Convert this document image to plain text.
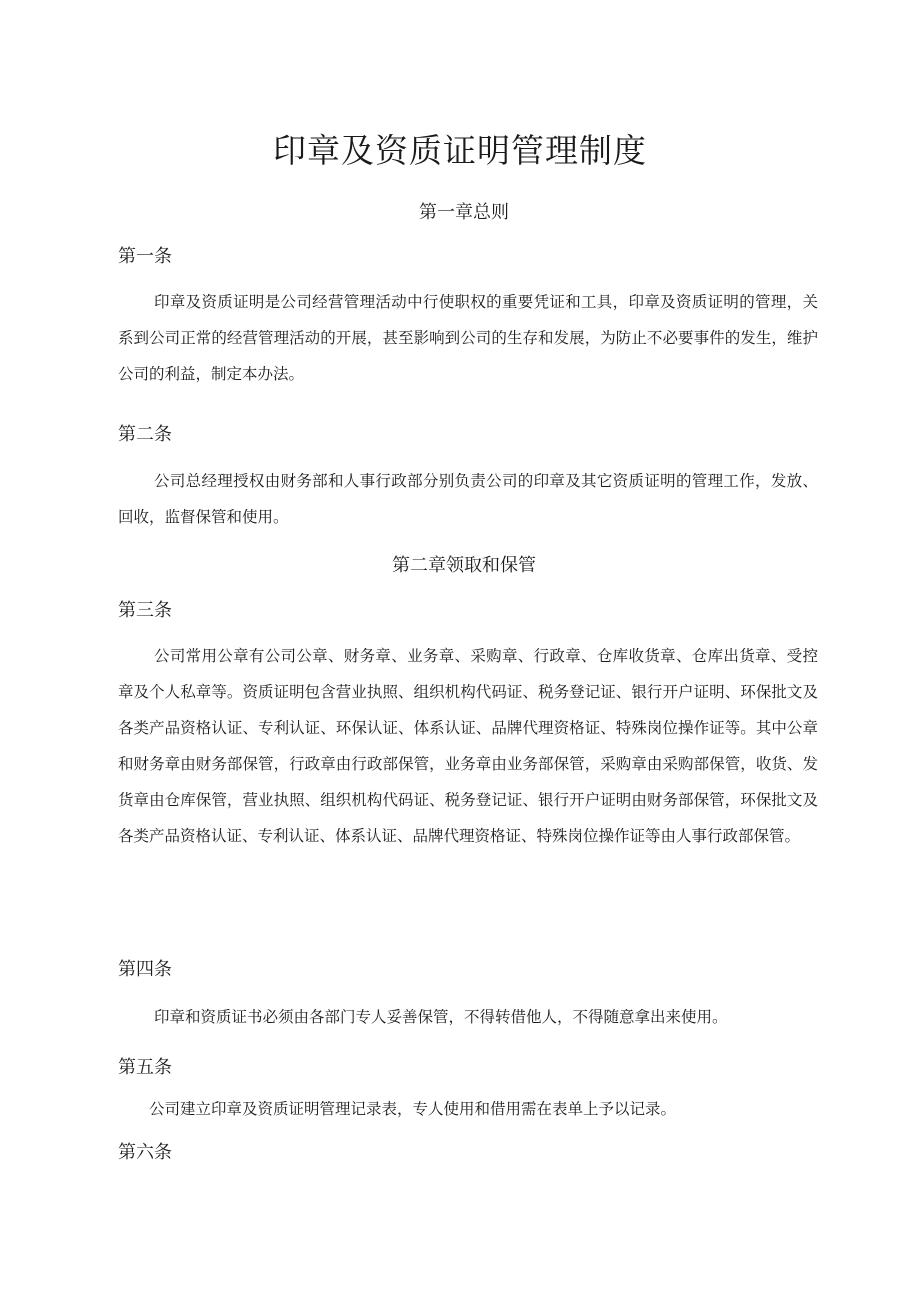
印章及资质证明管理制度

第一章总则

第一条

印章及资质证明是公司经营管理活动中行使职权的重要凭证和工具，印章及资质证明的管理，关系到公司正常的经营管理活动的开展，甚至影响到公司的生存和发展，为防止不必要事件的发生，维护公司的利益，制定本办法。

第二条

公司总经理授权由财务部和人事行政部分别负责公司的印章及其它资质证明的管理工作，发放、回收，监督保管和使用。

第二章领取和保管

第三条

公司常用公章有公司公章、财务章、业务章、采购章、行政章、仓库收货章、仓库出货章、受控章及个人私章等。资质证明包含营业执照、组织机构代码证、税务登记证、银行开户证明、环保批文及各类产品资格认证、专利认证、环保认证、体系认证、品牌代理资格证、特殊岗位操作证等。其中公章和财务章由财务部保管，行政章由行政部保管，业务章由业务部保管，采购章由采购部保管，收货、发货章由仓库保管，营业执照、组织机构代码证、税务登记证、银行开户证明由财务部保管，环保批文及各类产品资格认证、专利认证、体系认证、品牌代理资格证、特殊岗位操作证等由人事行政部保管。

第四条

印章和资质证书必须由各部门专人妥善保管，不得转借他人，不得随意拿出来使用。

第五条

公司建立印章及资质证明管理记录表，专人使用和借用需在表单上予以记录。

第六条
